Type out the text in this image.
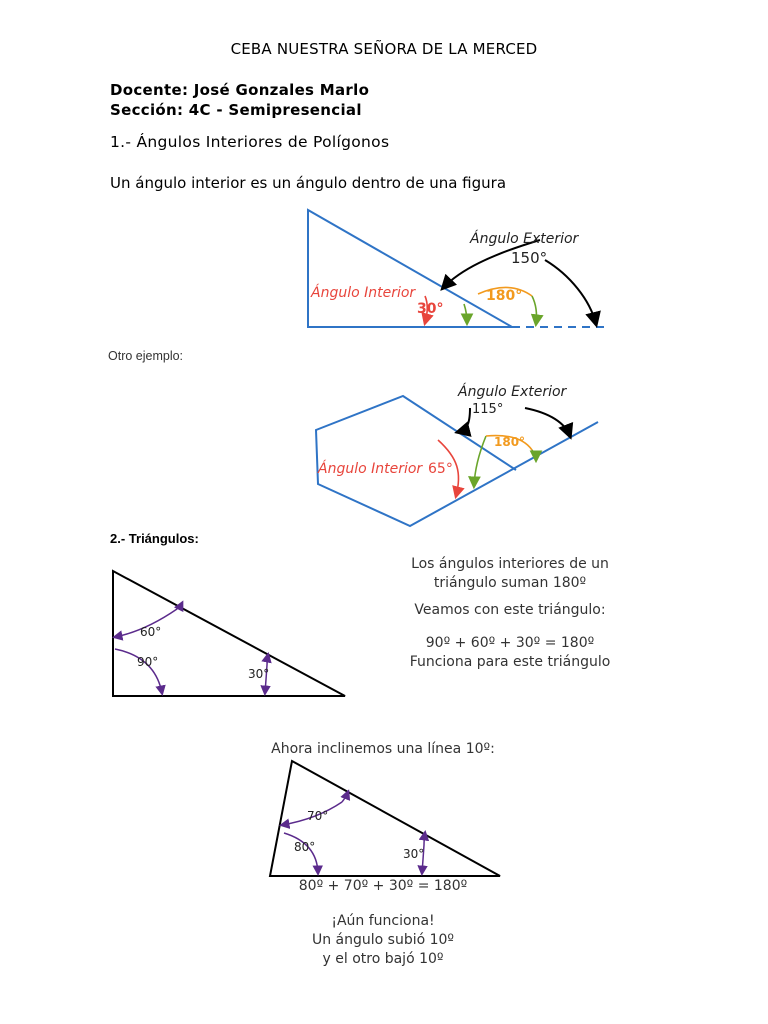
CEBA NUESTRA SEÑORA DE LA MERCED
Docente: José Gonzales Marlo
Sección: 4C - Semipresencial
1.- Ángulos Interiores de Polígonos
Un ángulo interior es un ángulo dentro de una figura
Ángulo Exterior
150°
Ángulo Interior
30°
180°
Otro ejemplo:
Ángulo Exterior
115°
Ángulo Interior 65°
180°
2.- Triángulos:
60°
90°
30°
Los ángulos interiores de un
triángulo suman 180º
Veamos con este triángulo:
90º + 60º + 30º = 180º
Funciona para este triángulo
Ahora inclinemos una línea 10º:
70°
80°	30°
80º + 70º + 30º = 180º
¡Aún funciona!
Un ángulo subió 10º
y el otro bajó 10º
